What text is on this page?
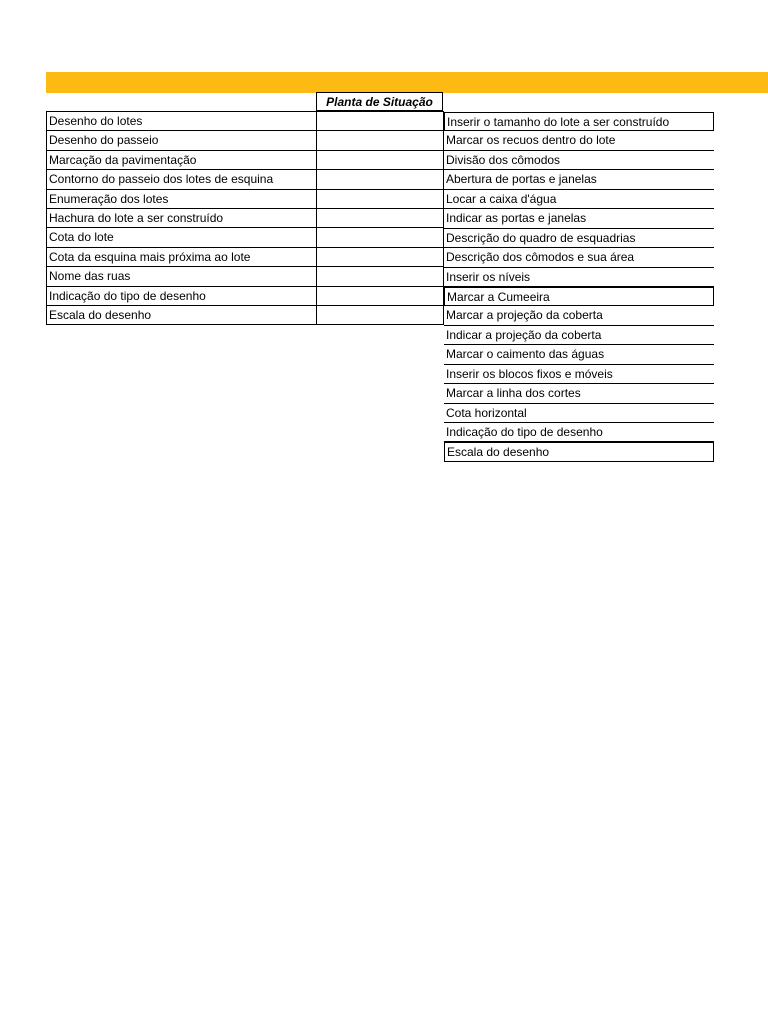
Planta de Situação
Desenho do lotes
Desenho do passeio
Marcação da pavimentação
Contorno do passeio dos lotes de esquina
Enumeração dos lotes
Hachura do lote a ser construído
Cota do lote
Cota da esquina mais próxima ao lote
Nome das ruas
Indicação do tipo de desenho
Escala do desenho
Inserir o tamanho do lote a ser construído
Marcar os recuos dentro do lote
Divisão dos cômodos
Abertura de portas e janelas
Locar a caixa d'água
Indicar as portas e janelas
Descrição do quadro de esquadrias
Descrição dos cômodos e sua área
Inserir os níveis
Marcar a Cumeeira
Marcar a projeção da coberta
Indicar a projeção da coberta
Marcar o caimento das águas
Inserir os blocos fixos e móveis
Marcar a linha dos cortes
Cota horizontal
Indicação do tipo de desenho
Escala do desenho
